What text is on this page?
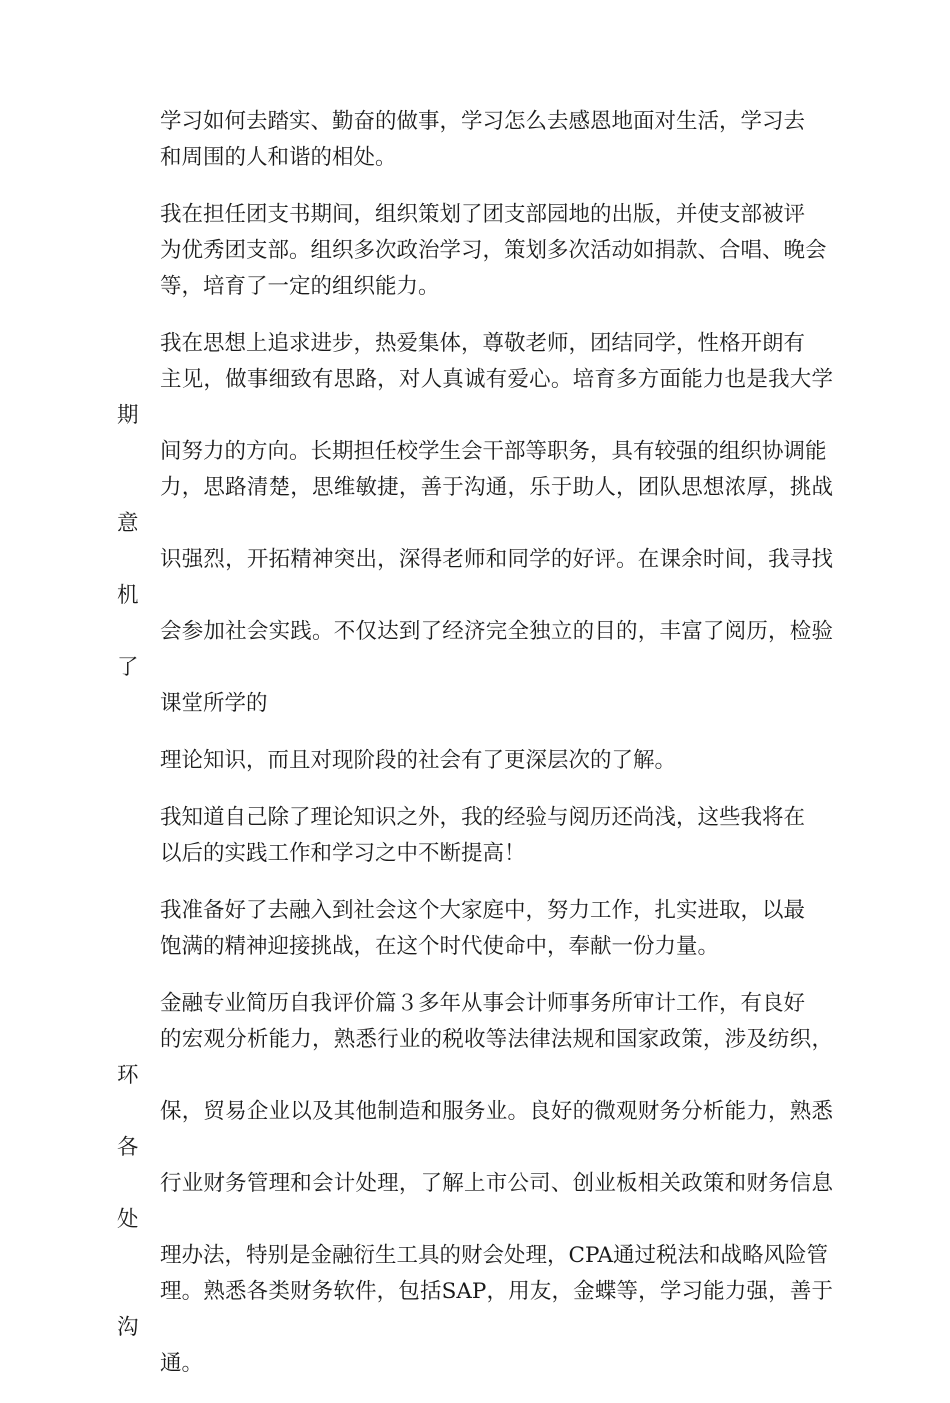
学习如何去踏实、勤奋的做事，学习怎么去感恩地面对生活，学习去
和周围的人和谐的相处。

我在担任团支书期间，组织策划了团支部园地的出版，并使支部被评
为优秀团支部。组织多次政治学习，策划多次活动如捐款、合唱、晚会
等，培育了一定的组织能力。

我在思想上追求进步，热爱集体，尊敬老师，团结同学，性格开朗有
主见，做事细致有思路，对人真诚有爱心。培育多方面能力也是我大学期
间努力的方向。长期担任校学生会干部等职务，具有较强的组织协调能
力，思路清楚，思维敏捷，善于沟通，乐于助人，团队思想浓厚，挑战意
识强烈，开拓精神突出，深得老师和同学的好评。在课余时间，我寻找机
会参加社会实践。不仅达到了经济完全独立的目的，丰富了阅历，检验了
课堂所学的

理论知识，而且对现阶段的社会有了更深层次的了解。

我知道自己除了理论知识之外，我的经验与阅历还尚浅，这些我将在
以后的实践工作和学习之中不断提高！

我准备好了去融入到社会这个大家庭中，努力工作，扎实进取，以最
饱满的精神迎接挑战，在这个时代使命中，奉献一份力量。

金融专业简历自我评价篇３多年从事会计师事务所审计工作，有良好
的宏观分析能力，熟悉行业的税收等法律法规和国家政策，涉及纺织，环
保，贸易企业以及其他制造和服务业。良好的微观财务分析能力，熟悉各
行业财务管理和会计处理，了解上市公司、创业板相关政策和财务信息处
理办法，特别是金融衍生工具的财会处理，CPA通过税法和战略风险管
理。熟悉各类财务软件，包括SAP，用友，金蝶等，学习能力强，善于沟
通。
